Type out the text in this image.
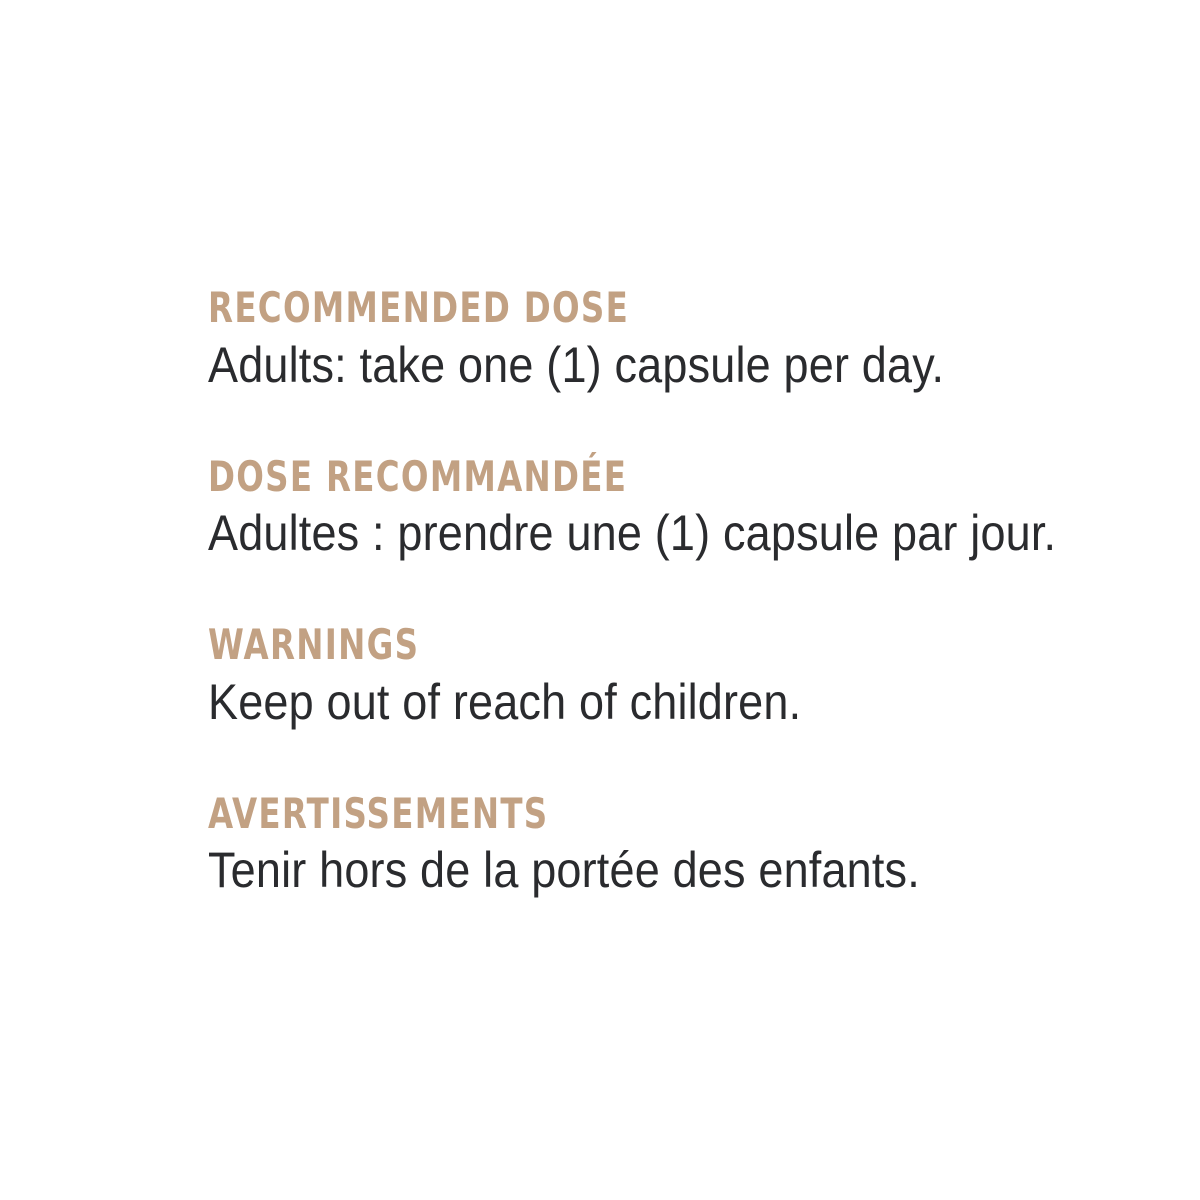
RECOMMENDED DOSE

Adults: take one (1) capsule per day.

DOSE RECOMMANDÉE

Adultes : prendre une (1) capsule par jour.

WARNINGS

Keep out of reach of children.

AVERTISSEMENTS

Tenir hors de la portée des enfants.
